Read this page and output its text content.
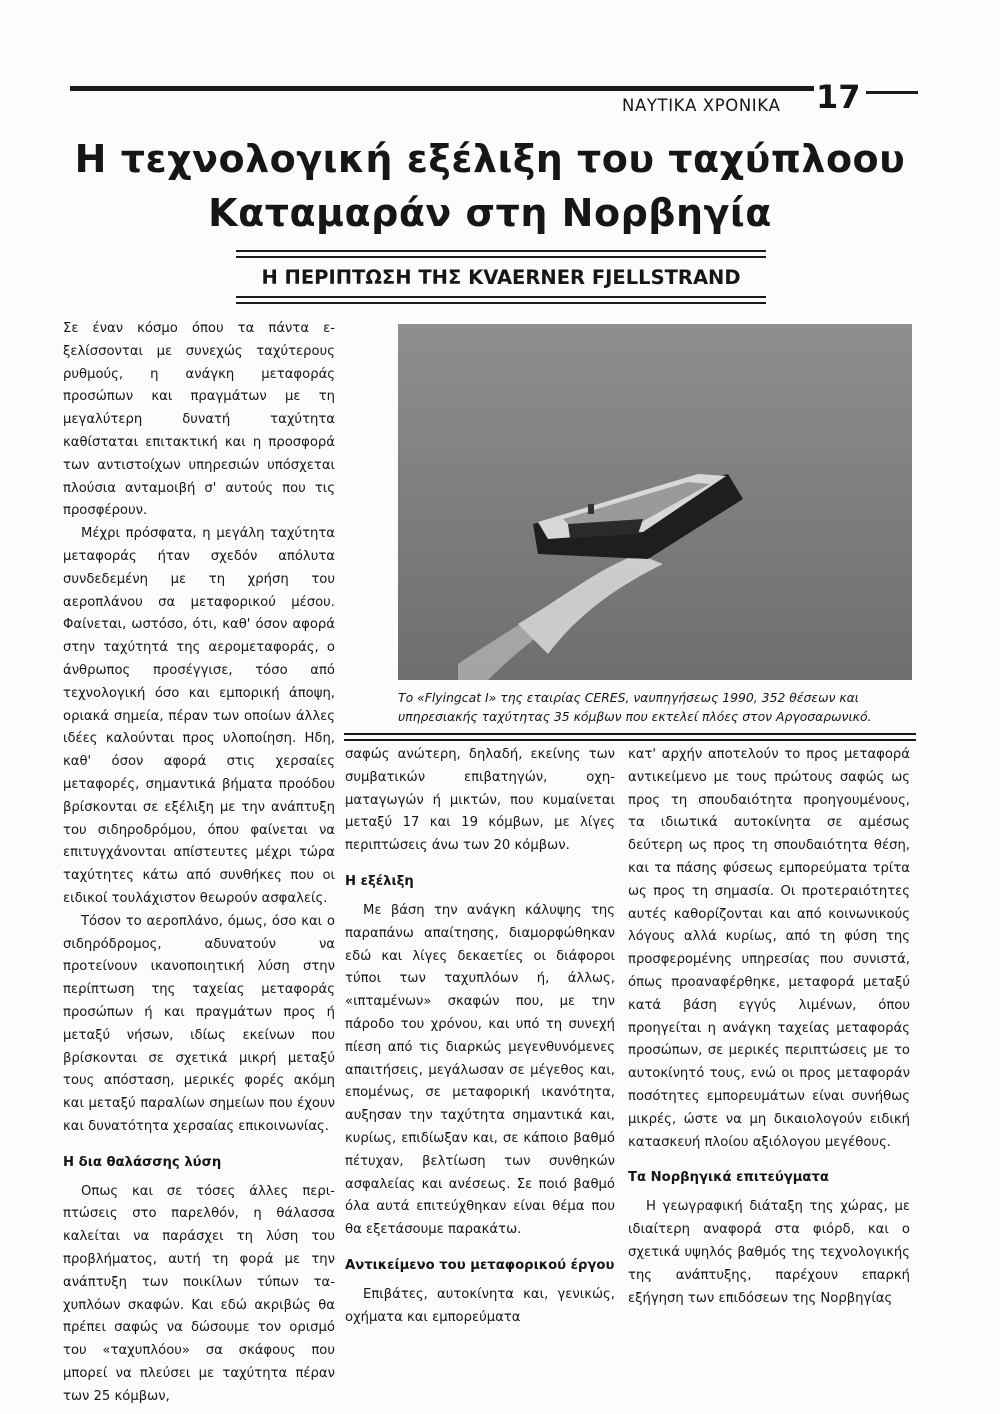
ΝΑΥΤΙΚΑ ΧΡΟΝΙΚΑ 17
Η τεχνολογική εξέλιξη του ταχύπλοου
Καταμαράν στη Νορβηγία
Η ΠΕΡΙΠΤΩΣΗ ΤΗΣ KVAERNER FJELLSTRAND

Σε έναν κόσμο όπου τα πάντα εξελίσσονται με συνεχώς ταχύτερους ρυθμούς, η ανάγκη μεταφοράς προσώπων και πραγμάτων με τη μεγαλύτερη δυνατή ταχύτητα καθίσταται επιτακτική και η προσφορά των αντιστοίχων υπηρεσιών υπόσχεται πλούσια ανταμοιβή σ' αυτούς που τις προσφέρουν.

Μέχρι πρόσφατα, η μεγάλη ταχύτητα μεταφοράς ήταν σχεδόν απόλυτα συνδεδεμένη με τη χρήση του αεροπλάνου σα μεταφορικού μέσου. Φαίνεται, ωστόσο, ότι, καθ' όσον αφορά στην ταχύτητά της αερομεταφοράς, ο άνθρωπος προσέγγισε, τόσο από τεχνολογική όσο και εμπορική άποψη, οριακά σημεία, πέραν των οποίων άλλες ιδέες καλούνται προς υλοποίηση. Ηδη, καθ' όσον αφορά στις χερσαίες μεταφορές, σημαντικά βήματα προόδου βρίσκονται σε εξέλιξη με την ανάπτυξη του σιδηροδρόμου, όπου φαίνεται να επιτυγχάνονται απίστευτες μέχρι τώρα ταχύτητες κάτω από συνθήκες που οι ειδικοί τουλάχιστον θεωρούν ασφαλείς.

Τόσον το αεροπλάνο, όμως, όσο και ο σιδηρόδρομος, αδυνατούν να προτείνουν ικανοποιητική λύση στην περίπτωση της ταχείας μεταφοράς προσώπων ή και πραγμάτων προς ή μεταξύ νήσων, ιδίως εκείνων που βρίσκονται σε σχετικά μικρή μεταξύ τους απόσταση, μερικές φορές ακόμη και μεταξύ παραλίων σημείων που έχουν και δυνατότητα χερσαίας επικοινωνίας.

Η δια θαλάσσης λύση

Οπως και σε τόσες άλλες περιπτώσεις στο παρελθόν, η θάλασσα καλείται να παράσχει τη λύση του προβλήματος, αυτή τη φορά με την ανάπτυξη των ποικίλων τύπων ταχυπλόων σκαφών. Και εδώ ακριβώς θα πρέπει σαφώς να δώσουμε τον ορισμό του «ταχυπλόου» σα σκάφους που μπορεί να πλεύσει με ταχύτητα πέραν των 25 κόμβων,

Το «Flyingcat I» της εταιρίας CERES, ναυπηγήσεως 1990, 352 θέσεων και υπηρεσιακής ταχύτητας 35 κόμβων που εκτελεί πλόες στον Αργοσαρωνικό.

σαφώς ανώτερη, δηλαδή, εκείνης των συμβατικών επιβατηγών, οχηματαγωγών ή μικτών, που κυμαίνεται μεταξύ 17 και 19 κόμβων, με λίγες περιπτώσεις άνω των 20 κόμβων.

Η εξέλιξη

Με βάση την ανάγκη κάλυψης της παραπάνω απαίτησης, διαμορφώθηκαν εδώ και λίγες δεκαετίες οι διάφοροι τύποι των ταχυπλόων ή, άλλως, «ιπταμένων» σκαφών που, με την πάροδο του χρόνου, και υπό τη συνεχή πίεση από τις διαρκώς μεγενθυνόμενες απαιτήσεις, μεγάλωσαν σε μέγεθος και, επομένως, σε μεταφορική ικανότητα, αυξησαν την ταχύτητα σημαντικά και, κυρίως, επιδίωξαν και, σε κάποιο βαθμό πέτυχαν, βελτίωση των συνθηκών ασφαλείας και ανέσεως. Σε ποιό βαθμό όλα αυτά επιτεύχθηκαν είναι θέμα που θα εξετάσουμε παρακάτω.

Αντικείμενο του μεταφορικού έργου

Επιβάτες, αυτοκίνητα και, γενικώς, οχήματα και εμπορεύματα

κατ' αρχήν αποτελούν το προς μεταφορά αντικείμενο με τους πρώτους σαφώς ως προς τη σπουδαιότητα προηγουμένους, τα ιδιωτικά αυτοκίνητα σε αμέσως δεύτερη ως προς τη σπουδαιότητα θέση, και τα πάσης φύσεως εμπορεύματα τρίτα ως προς τη σημασία. Οι προτεραιότητες αυτές καθορίζονται και από κοινωνικούς λόγους αλλά κυρίως, από τη φύση της προσφερομένης υπηρεσίας που συνιστά, όπως προαναφέρθηκε, μεταφορά μεταξύ κατά βάση εγγύς λιμένων, όπου προηγείται η ανάγκη ταχείας μεταφοράς προσώπων, σε μερικές περιπτώσεις με το αυτοκίνητό τους, ενώ οι προς μεταφοράν ποσότητες εμπορευμάτων είναι συνήθως μικρές, ώστε να μη δικαιολογούν ειδική κατασκευή πλοίου αξιόλογου μεγέθους.

Τα Νορβηγικά επιτεύγματα

Η γεωγραφική διάταξη της χώρας, με ιδιαίτερη αναφορά στα φιόρδ, και ο σχετικά υψηλός βαθμός της τεχνολογικής της ανάπτυξης, παρέχουν επαρκή εξήγηση των επιδόσεων της Νορβηγίας
